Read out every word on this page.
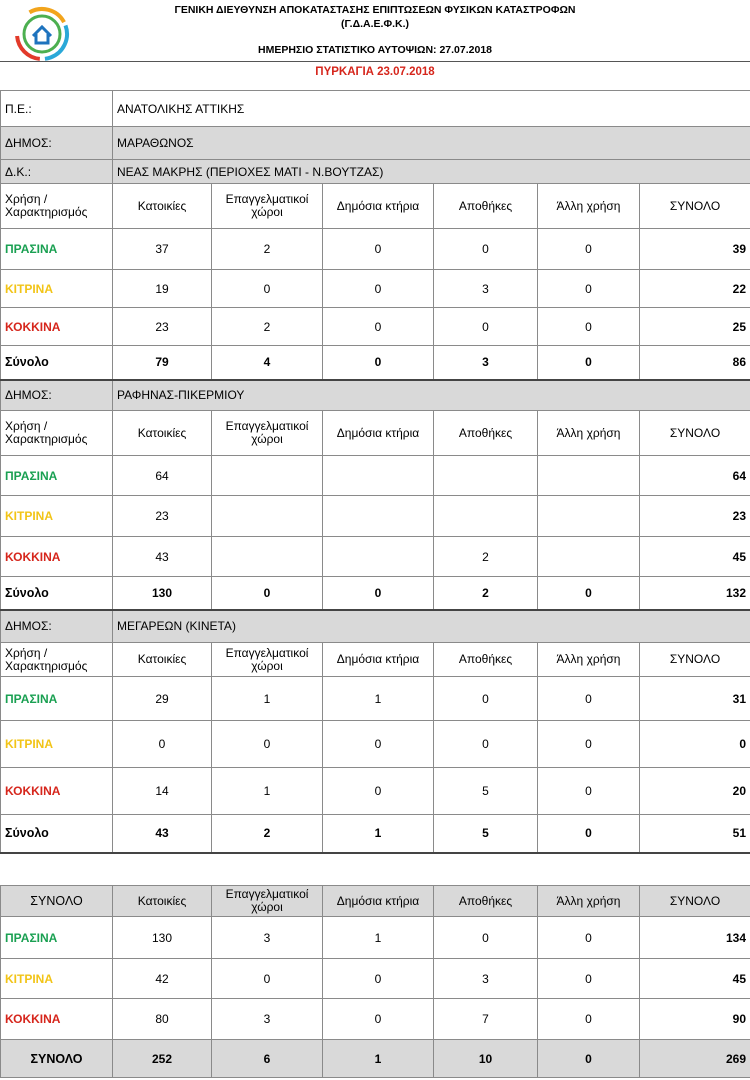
ΓΕΝΙΚΗ ΔΙΕΥΘΥΝΣΗ ΑΠΟΚΑΤΑΣΤΑΣΗΣ ΕΠΙΠΤΩΣΕΩΝ ΦΥΣΙΚΩΝ ΚΑΤΑΣΤΡΟΦΩΝ
(Γ.Δ.Α.Ε.Φ.Κ.)
ΗΜΕΡΗΣΙΟ ΣΤΑΤΙΣΤΙΚΟ ΑΥΤΟΨΙΩΝ: 27.07.2018
ΠΥΡΚΑΓΙΑ 23.07.2018
Π.Ε.:	ΑΝΑΤΟΛΙΚΗΣ ΑΤΤΙΚΗΣ					
ΔΗΜΟΣ:	ΜΑΡΑΘΩΝΟΣ					
Δ.Κ.:	ΝΕΑΣ ΜΑΚΡΗΣ (ΠΕΡΙΟΧΕΣ ΜΑΤΙ - Ν.ΒΟΥΤΖΑΣ)					
Χρήση / Χαρακτηρισμός	Κατοικίες	Επαγγελματικοί χώροι	Δημόσια κτήρια	Αποθήκες	Άλλη χρήση	ΣΥΝΟΛΟ
ΠΡΑΣΙΝΑ	37	2	0	0	0	39
ΚΙΤΡΙΝΑ	19	0	0	3	0	22
ΚΟΚΚΙΝΑ	23	2	0	0	0	25
Σύνολο	79	4	0	3	0	86
ΔΗΜΟΣ:	ΡΑΦΗΝΑΣ-ΠΙΚΕΡΜΙΟΥ					
Χρήση / Χαρακτηρισμός	Κατοικίες	Επαγγελματικοί χώροι	Δημόσια κτήρια	Αποθήκες	Άλλη χρήση	ΣΥΝΟΛΟ
ΠΡΑΣΙΝΑ	64					64
ΚΙΤΡΙΝΑ	23					23
ΚΟΚΚΙΝΑ	43			2		45
Σύνολο	130	0	0	2	0	132
ΔΗΜΟΣ:	ΜΕΓΑΡΕΩΝ (ΚΙΝΕΤΑ)					
Χρήση / Χαρακτηρισμός	Κατοικίες	Επαγγελματικοί χώροι	Δημόσια κτήρια	Αποθήκες	Άλλη χρήση	ΣΥΝΟΛΟ
ΠΡΑΣΙΝΑ	29	1	1	0	0	31
ΚΙΤΡΙΝΑ	0	0	0	0	0	0
ΚΟΚΚΙΝΑ	14	1	0	5	0	20
Σύνολο	43	2	1	5	0	51

ΣΥΝΟΛΟ	Κατοικίες	Επαγγελματικοί χώροι	Δημόσια κτήρια	Αποθήκες	Άλλη χρήση	ΣΥΝΟΛΟ
ΠΡΑΣΙΝΑ	130	3	1	0	0	134
ΚΙΤΡΙΝΑ	42	0	0	3	0	45
ΚΟΚΚΙΝΑ	80	3	0	7	0	90
ΣΥΝΟΛΟ	252	6	1	10	0	269
